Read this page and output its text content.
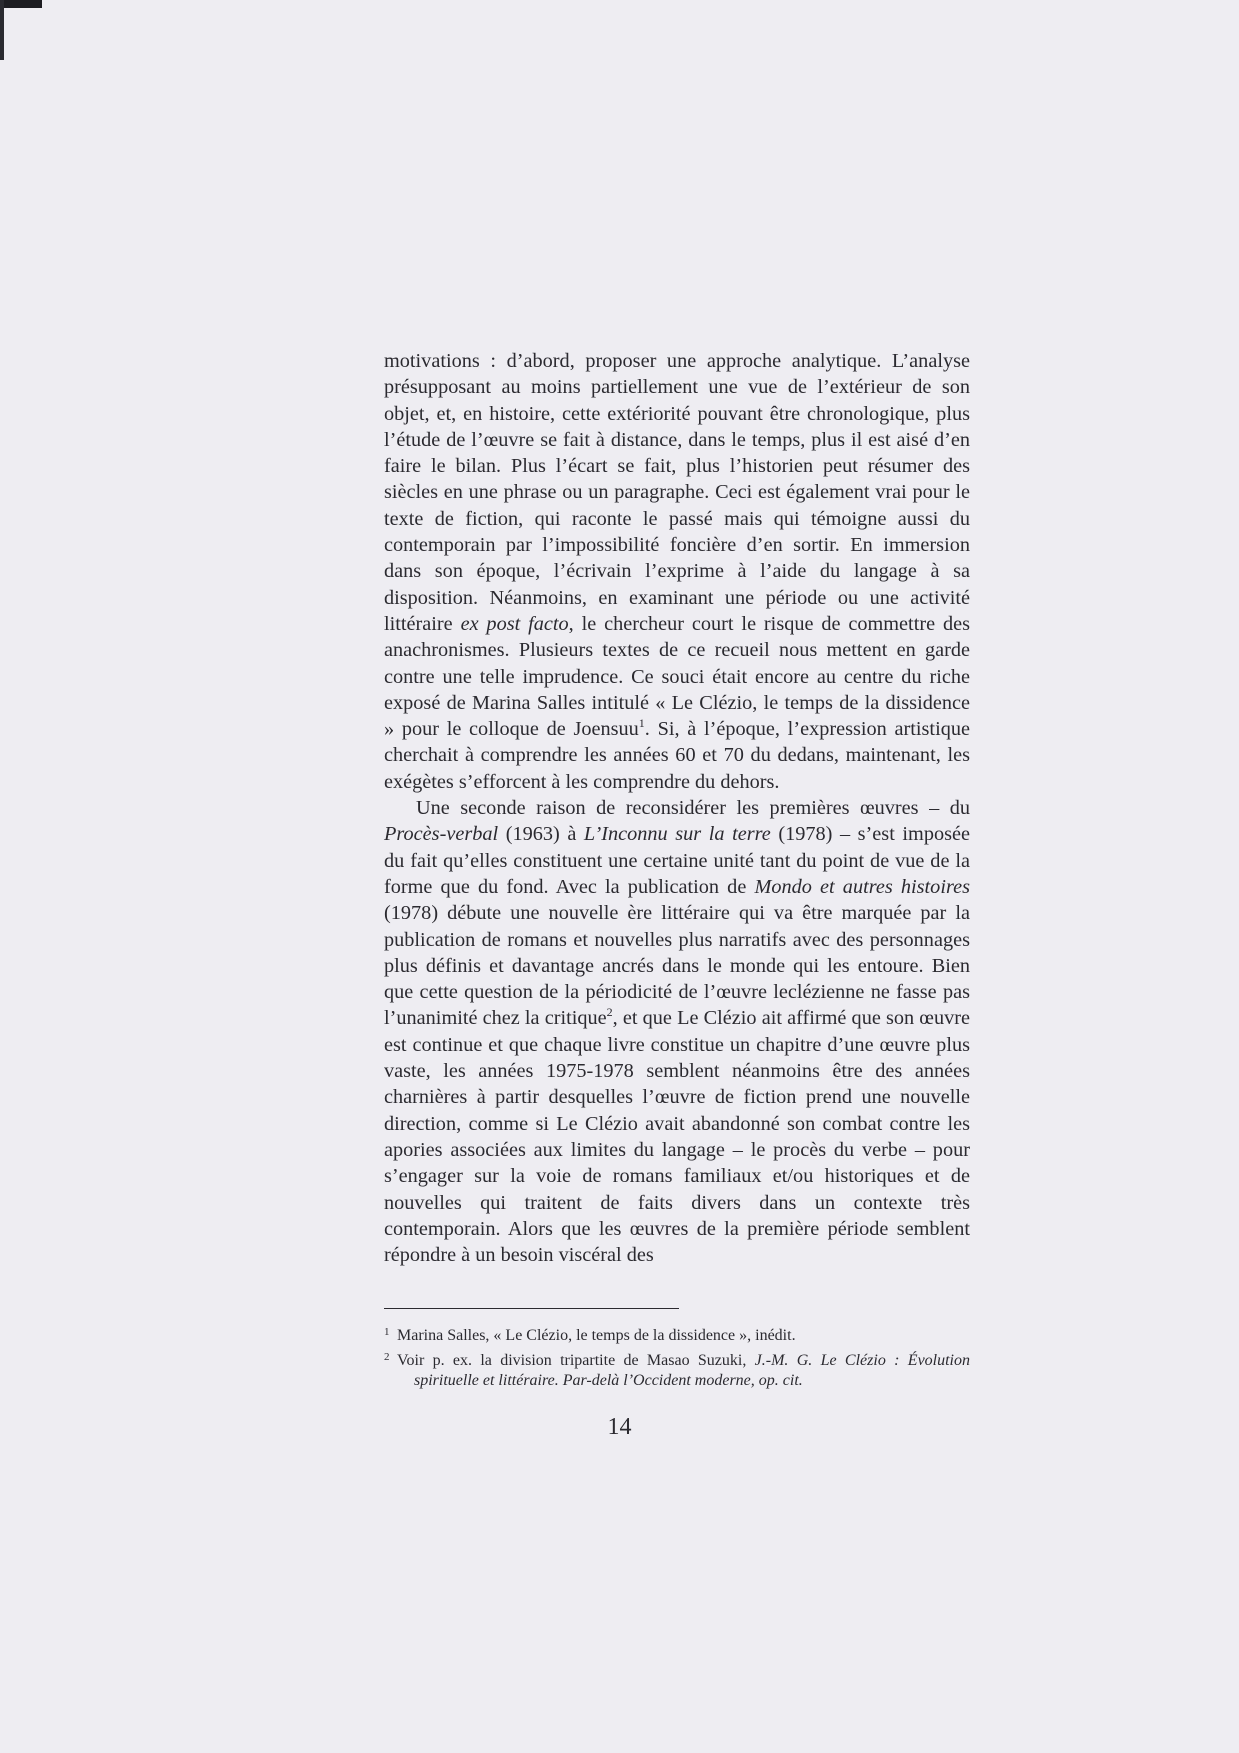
motivations : d’abord, proposer une approche analytique. L’analyse présupposant au moins partiellement une vue de l’extérieur de son objet, et, en histoire, cette extériorité pouvant être chronologique, plus l’étude de l’œuvre se fait à distance, dans le temps, plus il est aisé d’en faire le bilan. Plus l’écart se fait, plus l’historien peut résumer des siècles en une phrase ou un paragraphe. Ceci est également vrai pour le texte de fiction, qui raconte le passé mais qui témoigne aussi du contemporain par l’impossibilité foncière d’en sortir. En immersion dans son époque, l’écrivain l’exprime à l’aide du langage à sa disposition. Néanmoins, en examinant une période ou une activité littéraire ex post facto, le chercheur court le risque de commettre des anachronismes. Plusieurs textes de ce recueil nous mettent en garde contre une telle imprudence. Ce souci était encore au centre du riche exposé de Marina Salles intitulé « Le Clézio, le temps de la dissidence » pour le colloque de Joensuu$^1$. Si, à l’époque, l’expression artistique cherchait à comprendre les années 60 et 70 du dedans, maintenant, les exégètes s’efforcent à les comprendre du dehors.

Une seconde raison de reconsidérer les premières œuvres – du Procès-verbal (1963) à L’Inconnu sur la terre (1978) – s’est imposée du fait qu’elles constituent une certaine unité tant du point de vue de la forme que du fond. Avec la publication de Mondo et autres histoires (1978) débute une nouvelle ère littéraire qui va être marquée par la publication de romans et nouvelles plus narratifs avec des personnages plus définis et davantage ancrés dans le monde qui les entoure. Bien que cette question de la périodicité de l’œuvre leclézienne ne fasse pas l’unanimité chez la critique$^2$, et que Le Clézio ait affirmé que son œuvre est continue et que chaque livre constitue un chapitre d’une œuvre plus vaste, les années 1975-1978 semblent néanmoins être des années charnières à partir desquelles l’œuvre de fiction prend une nouvelle direction, comme si Le Clézio avait abandonné son combat contre les apories associées aux limites du langage – le procès du verbe – pour s’engager sur la voie de romans familiaux et/ou historiques et de nouvelles qui traitent de faits divers dans un contexte très contemporain. Alors que les œuvres de la première période semblent répondre à un besoin viscéral des

1 Marina Salles, « Le Clézio, le temps de la dissidence », inédit.

2 Voir p. ex. la division tripartite de Masao Suzuki, J.-M. G. Le Clézio : Évolution spirituelle et littéraire. Par-delà l’Occident moderne, op. cit.

14
